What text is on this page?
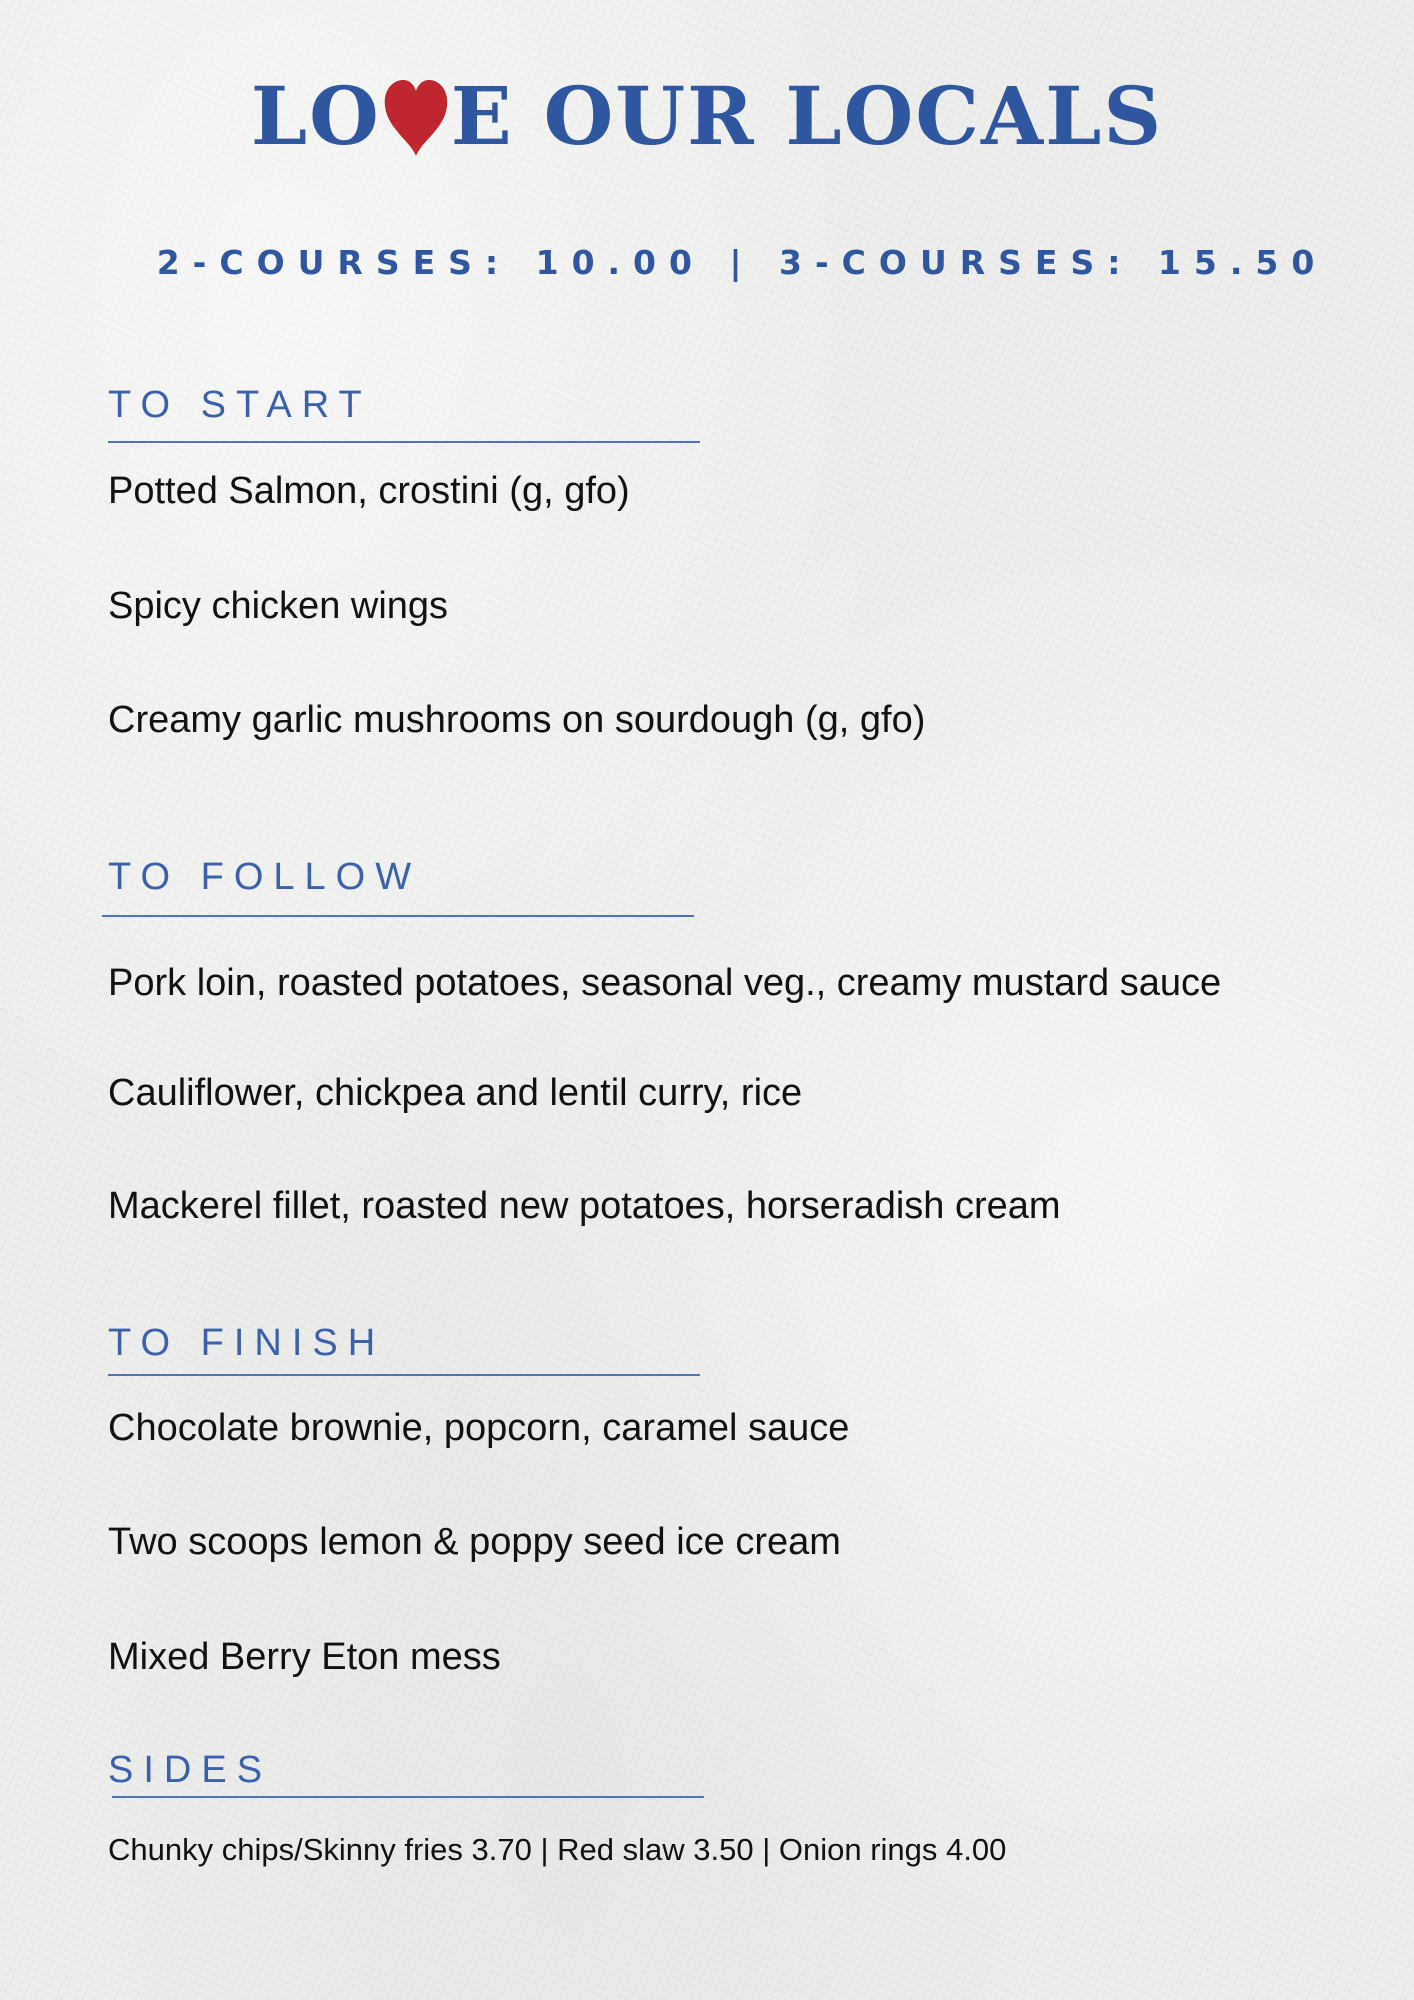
LO E OUR LOCALS
2-COURSES: 10.00 | 3-COURSES: 15.50
TO START
Potted Salmon, crostini (g, gfo)
Spicy chicken wings
Creamy garlic mushrooms on sourdough (g, gfo)
TO FOLLOW
Pork loin, roasted potatoes, seasonal veg., creamy mustard sauce
Cauliflower, chickpea and lentil curry, rice
Mackerel fillet, roasted new potatoes, horseradish cream
TO FINISH
Chocolate brownie, popcorn, caramel sauce
Two scoops lemon & poppy seed ice cream
Mixed Berry Eton mess
SIDES
Chunky chips/Skinny fries 3.70 | Red slaw 3.50 | Onion rings 4.00
